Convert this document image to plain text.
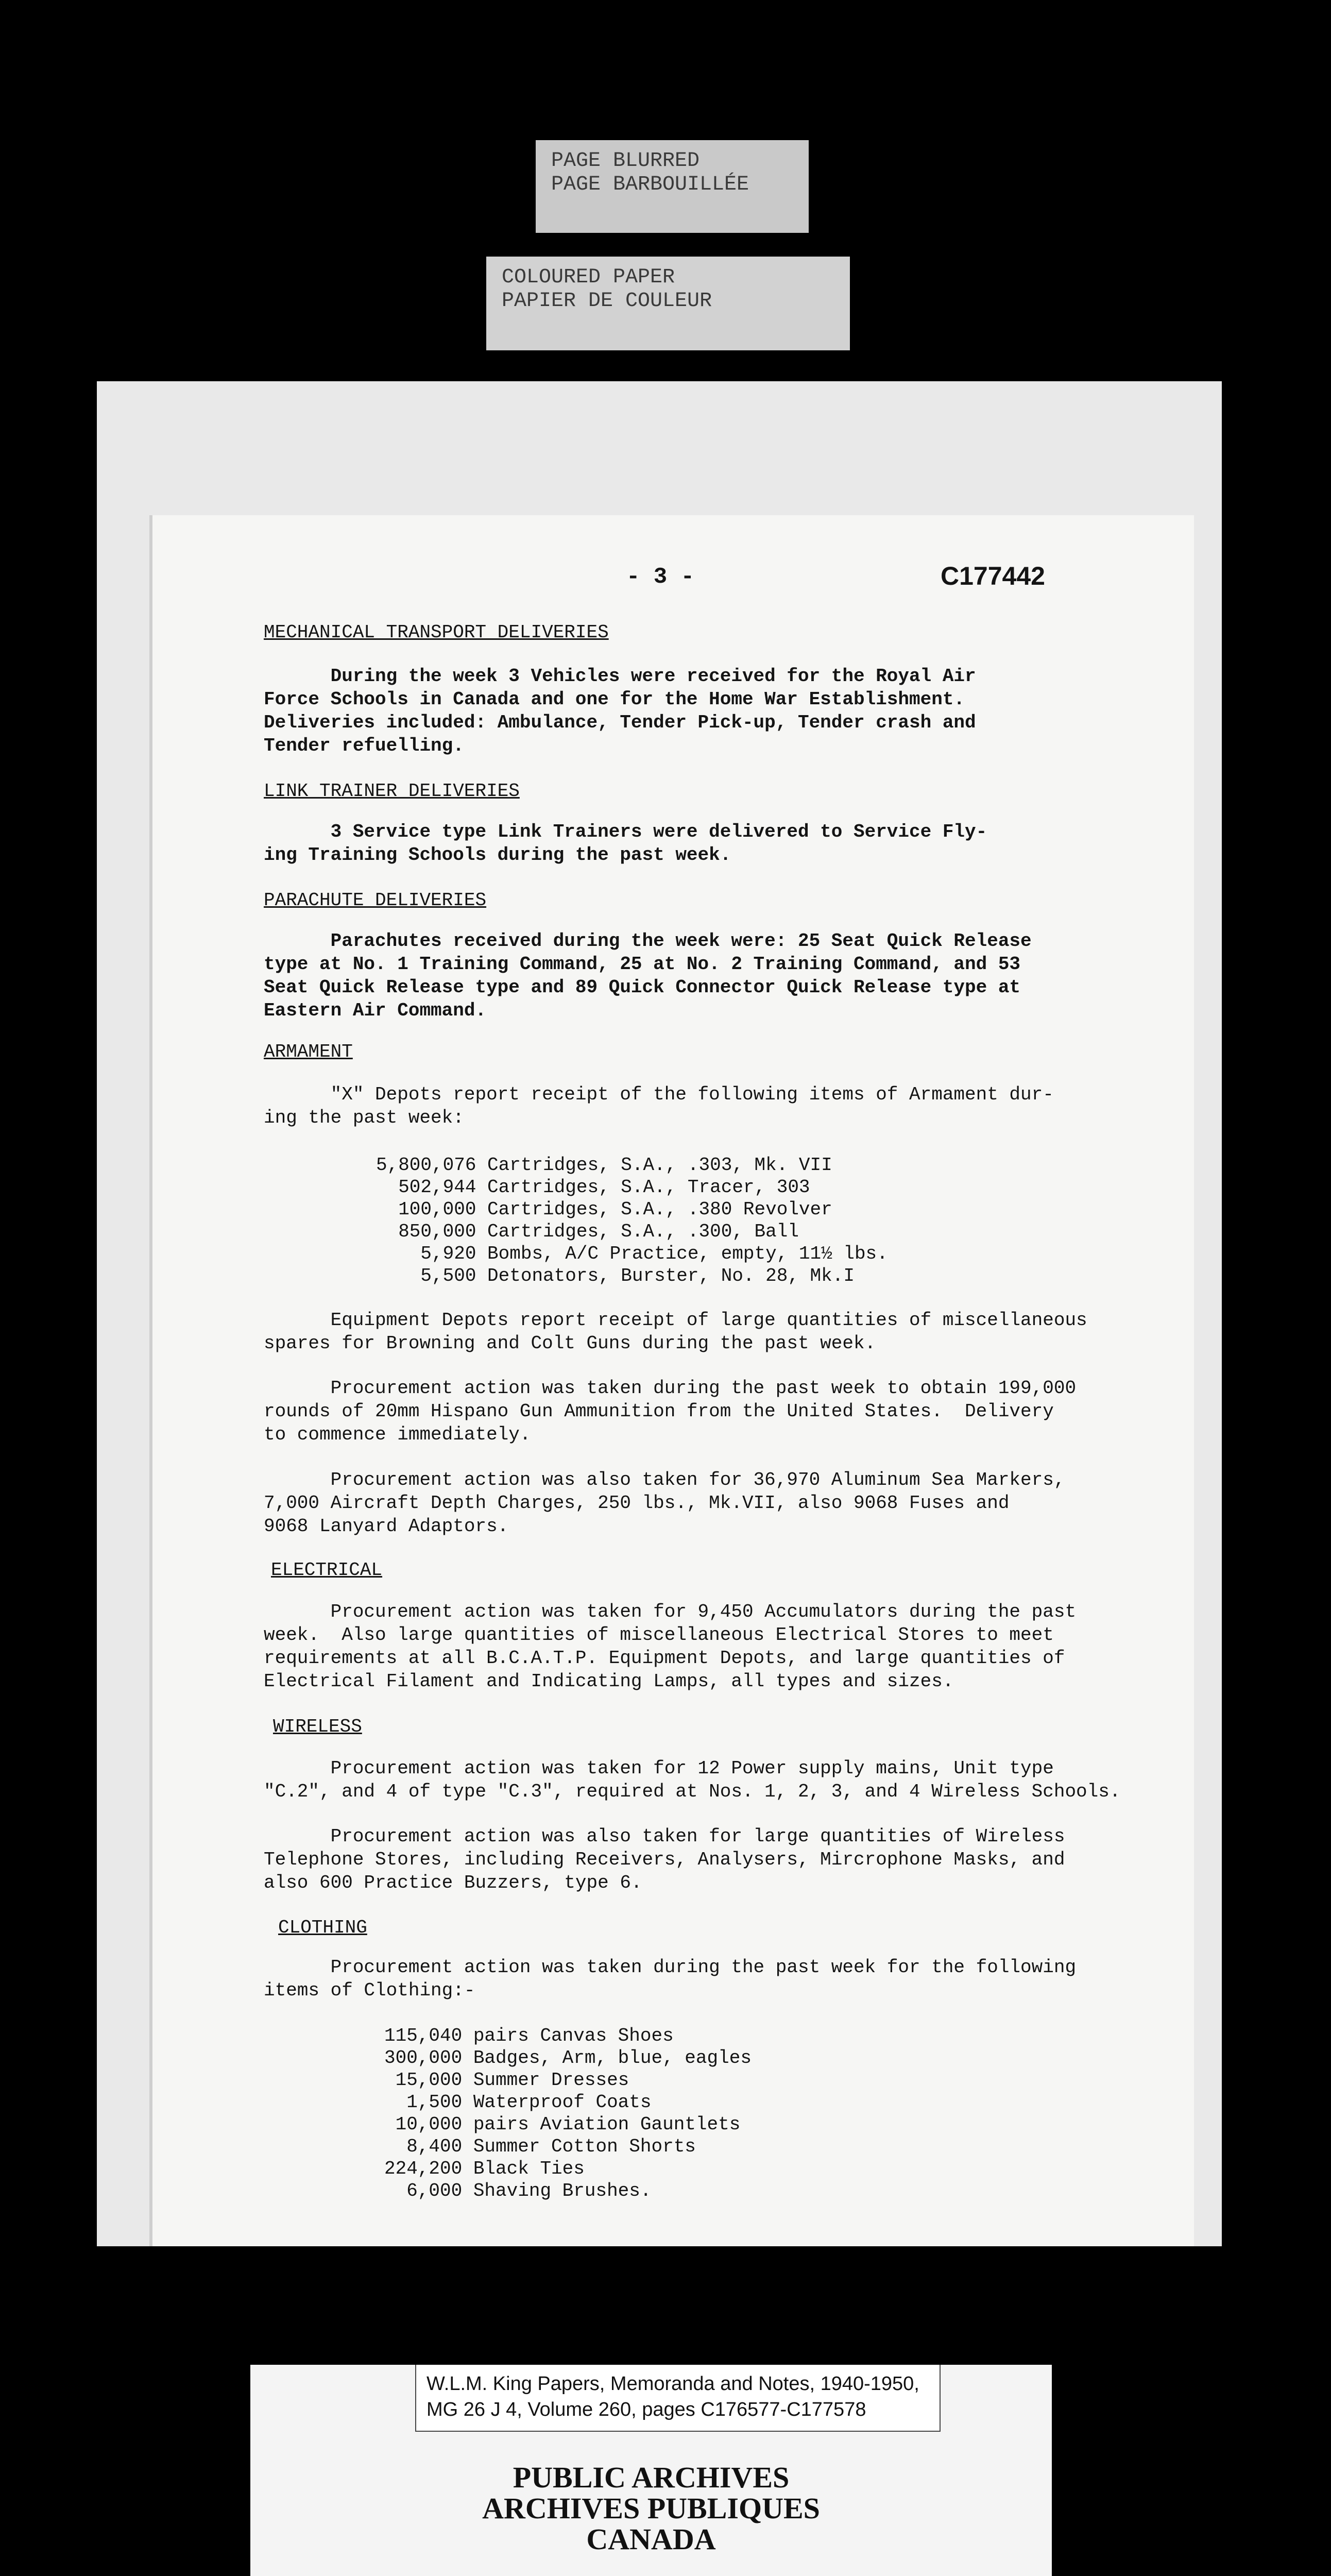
PAGE BLURRED
PAGE BARBOUILLÉE
COLOURED PAPER
PAPIER DE COULEUR
- 3 -	C177442
MECHANICAL TRANSPORT DELIVERIES
During the week 3 Vehicles were received for the Royal Air
Force Schools in Canada and one for the Home War Establishment.
Deliveries included: Ambulance, Tender Pick-up, Tender crash and
Tender refuelling.
LINK TRAINER DELIVERIES
3 Service type Link Trainers were delivered to Service Fly-
ing Training Schools during the past week.
PARACHUTE DELIVERIES
Parachutes received during the week were: 25 Seat Quick Release
type at No. 1 Training Command, 25 at No. 2 Training Command, and 53
Seat Quick Release type and 89 Quick Connector Quick Release type at
Eastern Air Command.
ARMAMENT
"X" Depots report receipt of the following items of Armament dur-
ing the past week:
5,800,076 Cartridges, S.A., .303, Mk. VII
502,944 Cartridges, S.A., Tracer, 303
100,000 Cartridges, S.A., .380 Revolver
850,000 Cartridges, S.A., .300, Ball
5,920 Bombs, A/C Practice, empty, 11½ lbs.
5,500 Detonators, Burster, No. 28, Mk.I
Equipment Depots report receipt of large quantities of miscellaneous
spares for Browning and Colt Guns during the past week.
Procurement action was taken during the past week to obtain 199,000
rounds of 20mm Hispano Gun Ammunition from the United States.  Delivery
to commence immediately.
Procurement action was also taken for 36,970 Aluminum Sea Markers,
7,000 Aircraft Depth Charges, 250 lbs., Mk.VII, also 9068 Fuses and
9068 Lanyard Adaptors.
ELECTRICAL
Procurement action was taken for 9,450 Accumulators during the past
week.  Also large quantities of miscellaneous Electrical Stores to meet
requirements at all B.C.A.T.P. Equipment Depots, and large quantities of
Electrical Filament and Indicating Lamps, all types and sizes.
WIRELESS
Procurement action was taken for 12 Power supply mains, Unit type
"C.2", and 4 of type "C.3", required at Nos. 1, 2, 3, and 4 Wireless Schools.
Procurement action was also taken for large quantities of Wireless
Telephone Stores, including Receivers, Analysers, Mircrophone Masks, and
also 600 Practice Buzzers, type 6.
CLOTHING
Procurement action was taken during the past week for the following
items of Clothing:-
115,040 pairs Canvas Shoes
300,000 Badges, Arm, blue, eagles
15,000 Summer Dresses
1,500 Waterproof Coats
10,000 pairs Aviation Gauntlets
8,400 Summer Cotton Shorts
224,200 Black Ties
6,000 Shaving Brushes.
W.L.M. King Papers, Memoranda and Notes, 1940-1950,
MG 26 J 4, Volume 260, pages C176577-C177578
PUBLIC ARCHIVES
ARCHIVES PUBLIQUES
CANADA
